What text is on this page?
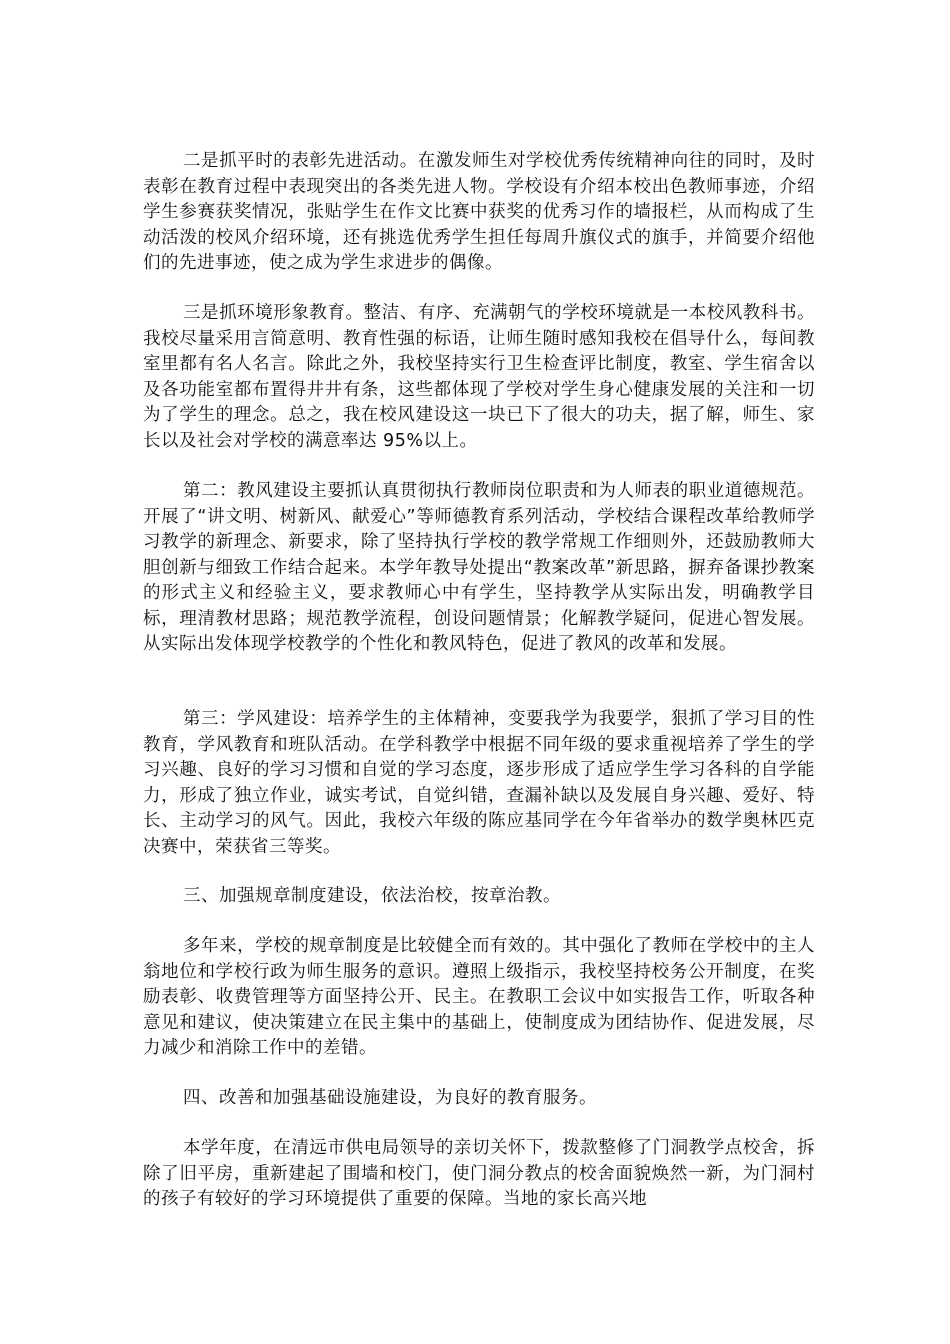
二是抓平时的表彰先进活动。在激发师生对学校优秀传统精神向往的同时，及时表彰在教育过程中表现突出的各类先进人物。学校设有介绍本校出色教师事迹，介绍学生参赛获奖情况，张贴学生在作文比赛中获奖的优秀习作的墙报栏，从而构成了生动活泼的校风介绍环境，还有挑选优秀学生担任每周升旗仪式的旗手，并简要介绍他们的先进事迹，使之成为学生求进步的偶像。

三是抓环境形象教育。整洁、有序、充满朝气的学校环境就是一本校风教科书。我校尽量采用言简意明、教育性强的标语，让师生随时感知我校在倡导什么，每间教室里都有名人名言。除此之外，我校坚持实行卫生检查评比制度，教室、学生宿舍以及各功能室都布置得井井有条，这些都体现了学校对学生身心健康发展的关注和一切为了学生的理念。总之，我在校风建设这一块已下了很大的功夫，据了解，师生、家长以及社会对学校的满意率达 95%以上。

第二：教风建设主要抓认真贯彻执行教师岗位职责和为人师表的职业道德规范。开展了“讲文明、树新风、献爱心”等师德教育系列活动，学校结合课程改革给教师学习教学的新理念、新要求，除了坚持执行学校的教学常规工作细则外，还鼓励教师大胆创新与细致工作结合起来。本学年教导处提出“教案改革”新思路，摒弃备课抄教案的形式主义和经验主义，要求教师心中有学生，坚持教学从实际出发，明确教学目标，理清教材思路；规范教学流程，创设问题情景；化解教学疑问，促进心智发展。从实际出发体现学校教学的个性化和教风特色，促进了教风的改革和发展。

第三：学风建设：培养学生的主体精神，变要我学为我要学，狠抓了学习目的性教育，学风教育和班队活动。在学科教学中根据不同年级的要求重视培养了学生的学习兴趣、良好的学习习惯和自觉的学习态度，逐步形成了适应学生学习各科的自学能力，形成了独立作业，诚实考试，自觉纠错，查漏补缺以及发展自身兴趣、爱好、特长、主动学习的风气。因此，我校六年级的陈应基同学在今年省举办的数学奥林匹克决赛中，荣获省三等奖。

三、加强规章制度建设，依法治校，按章治教。

多年来，学校的规章制度是比较健全而有效的。其中强化了教师在学校中的主人翁地位和学校行政为师生服务的意识。遵照上级指示，我校坚持校务公开制度，在奖励表彰、收费管理等方面坚持公开、民主。在教职工会议中如实报告工作，听取各种意见和建议，使决策建立在民主集中的基础上，使制度成为团结协作、促进发展，尽力减少和消除工作中的差错。

四、改善和加强基础设施建设，为良好的教育服务。

本学年度，在清远市供电局领导的亲切关怀下，拨款整修了门洞教学点校舍，拆除了旧平房，重新建起了围墙和校门，使门洞分教点的校舍面貌焕然一新，为门洞村的孩子有较好的学习环境提供了重要的保障。当地的家长高兴地
